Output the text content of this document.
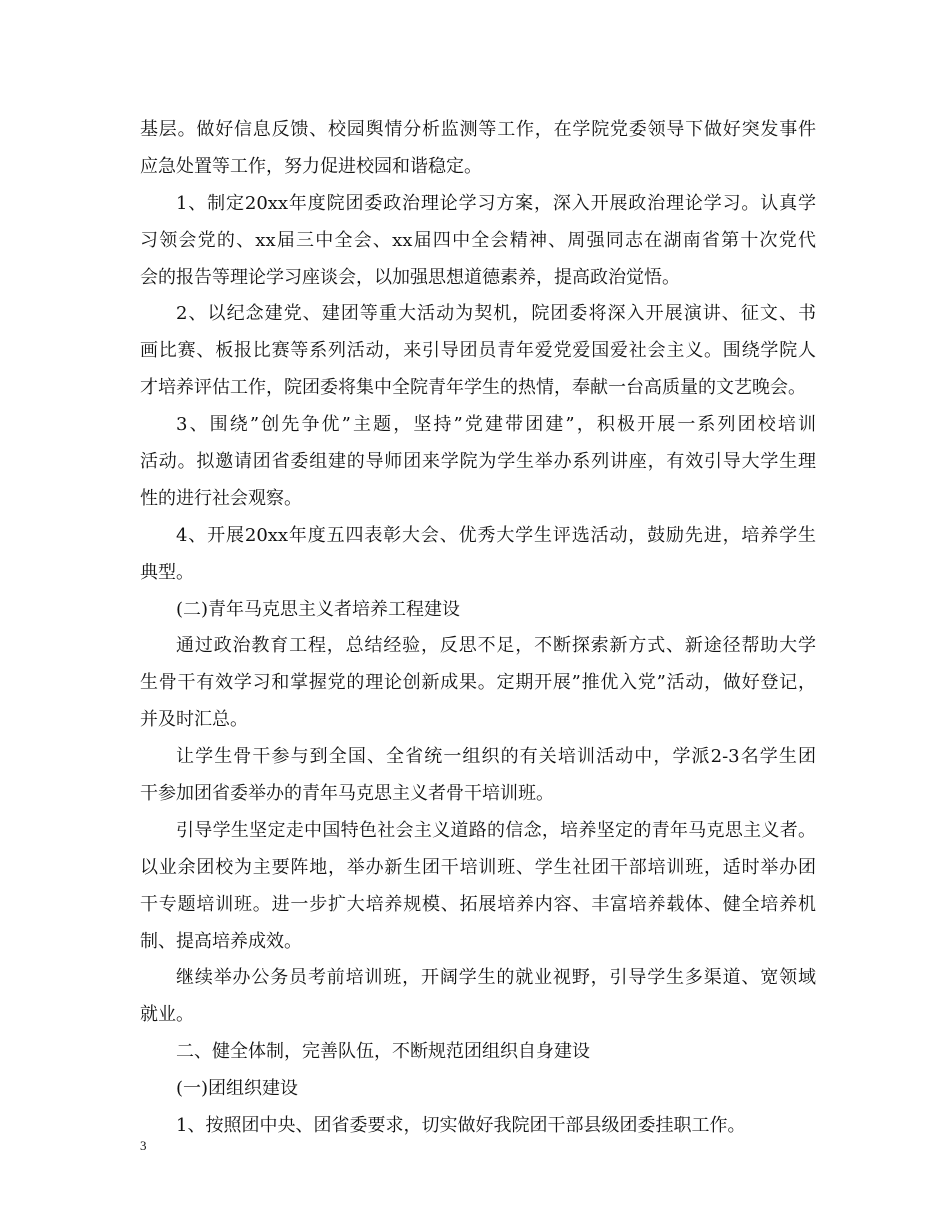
基层。做好信息反馈、校园舆情分析监测等工作，在学院党委领导下做好突发事件
应急处置等工作，努力促进校园和谐稳定。
1、制定20xx年度院团委政治理论学习方案，深入开展政治理论学习。认真学
习领会党的、xx届三中全会、xx届四中全会精神、周强同志在湖南省第十次党代
会的报告等理论学习座谈会，以加强思想道德素养，提高政治觉悟。
2、以纪念建党、建团等重大活动为契机，院团委将深入开展演讲、征文、书
画比赛、板报比赛等系列活动，来引导团员青年爱党爱国爱社会主义。围绕学院人
才培养评估工作，院团委将集中全院青年学生的热情，奉献一台高质量的文艺晚会。
3、围绕”创先争优”主题，坚持”党建带团建”，积极开展一系列团校培训
活动。拟邀请团省委组建的导师团来学院为学生举办系列讲座，有效引导大学生理
性的进行社会观察。
4、开展20xx年度五四表彰大会、优秀大学生评选活动，鼓励先进，培养学生
典型。
(二)青年马克思主义者培养工程建设
通过政治教育工程，总结经验，反思不足，不断探索新方式、新途径帮助大学
生骨干有效学习和掌握党的理论创新成果。定期开展”推优入党”活动，做好登记，
并及时汇总。
让学生骨干参与到全国、全省统一组织的有关培训活动中，学派2-3名学生团
干参加团省委举办的青年马克思主义者骨干培训班。
引导学生坚定走中国特色社会主义道路的信念，培养坚定的青年马克思主义者。
以业余团校为主要阵地，举办新生团干培训班、学生社团干部培训班，适时举办团
干专题培训班。进一步扩大培养规模、拓展培养内容、丰富培养载体、健全培养机
制、提高培养成效。
继续举办公务员考前培训班，开阔学生的就业视野，引导学生多渠道、宽领域
就业。
二、健全体制，完善队伍，不断规范团组织自身建设
(一)团组织建设
1、按照团中央、团省委要求，切实做好我院团干部县级团委挂职工作。
3
